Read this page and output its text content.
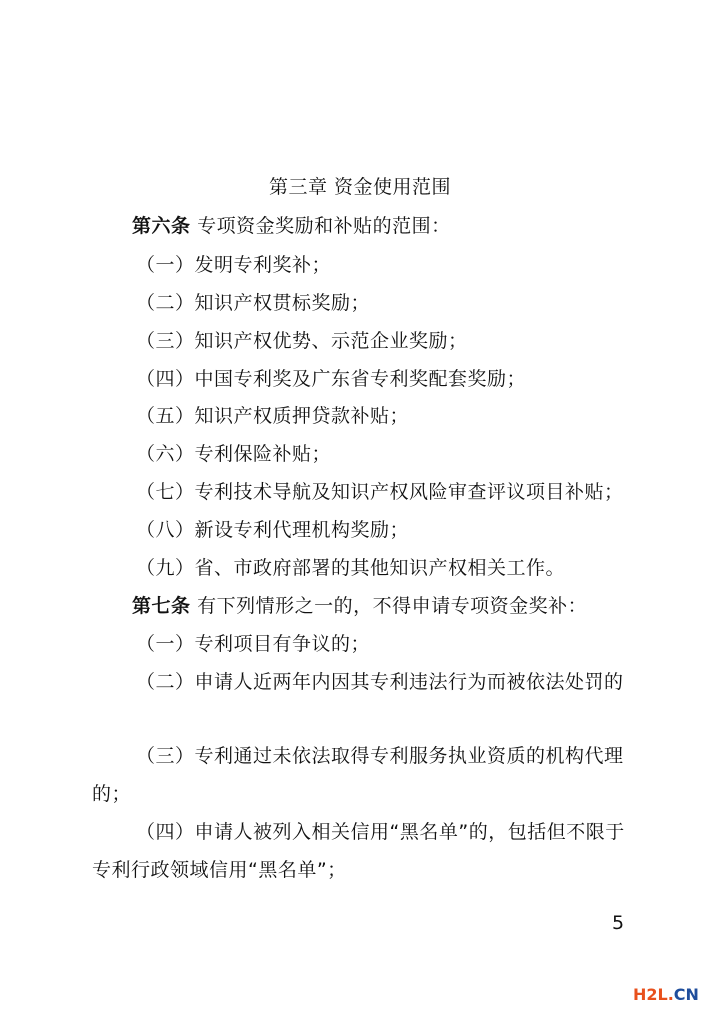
第三章 资金使用范围
第六条 专项资金奖励和补贴的范围：
（一）发明专利奖补；
（二）知识产权贯标奖励；
（三）知识产权优势、示范企业奖励；
（四）中国专利奖及广东省专利奖配套奖励；
（五）知识产权质押贷款补贴；
（六）专利保险补贴；
（七）专利技术导航及知识产权风险审查评议项目补贴；
（八）新设专利代理机构奖励；
（九）省、市政府部署的其他知识产权相关工作。
第七条 有下列情形之一的，不得申请专项资金奖补：
（一）专利项目有争议的；
（二）申请人近两年内因其专利违法行为而被依法处罚的
（三）专利通过未依法取得专利服务执业资质的机构代理
的；
（四）申请人被列入相关信用“黑名单”的，包括但不限于
专利行政领域信用“黑名单”；
5
H2L.CN
